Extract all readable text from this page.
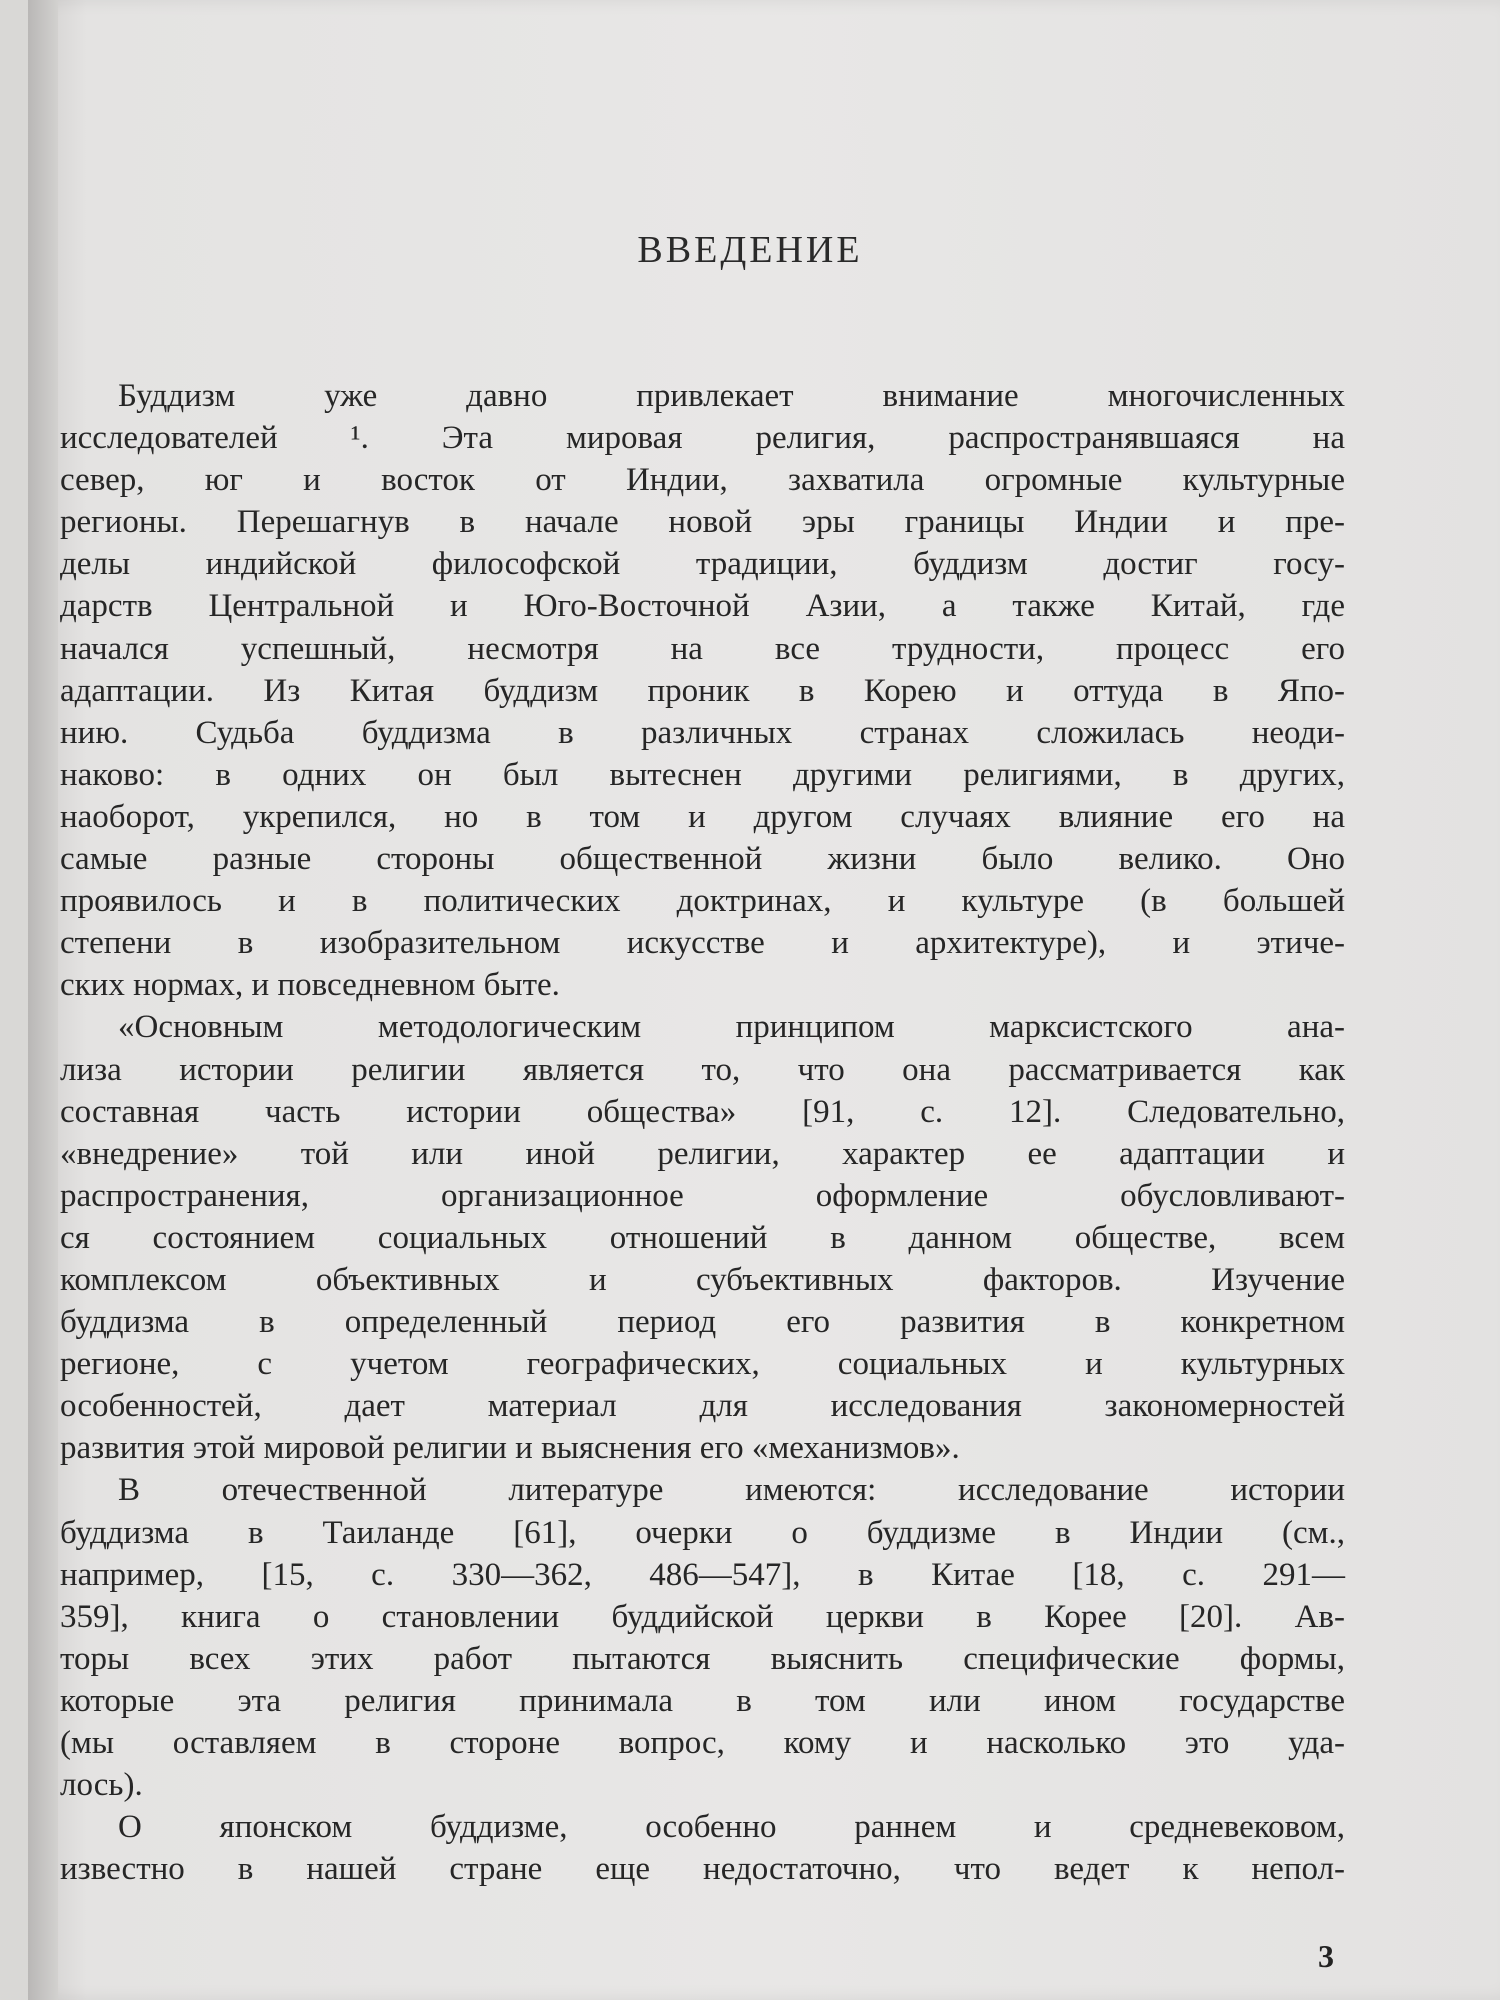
ВВЕДЕНИЕ
Буддизм уже давно привлекает внимание многочисленных
исследователей ¹. Эта мировая религия, распространявшаяся на
север, юг и восток от Индии, захватила огромные культурные
регионы. Перешагнув в начале новой эры границы Индии и пре-
делы индийской философской традиции, буддизм достиг госу-
дарств Центральной и Юго-Восточной Азии, а также Китай, где
начался успешный, несмотря на все трудности, процесс его
адаптации. Из Китая буддизм проник в Корею и оттуда в Япо-
нию. Судьба буддизма в различных странах сложилась неоди-
наково: в одних он был вытеснен другими религиями, в других,
наоборот, укрепился, но в том и другом случаях влияние его на
самые разные стороны общественной жизни было велико. Оно
проявилось и в политических доктринах, и культуре (в большей
степени в изобразительном искусстве и архитектуре), и этиче-
ских нормах, и повседневном быте.
«Основным методологическим принципом марксистского ана-
лиза истории религии является то, что она рассматривается как
составная часть истории общества» [91, с. 12]. Следовательно,
«внедрение» той или иной религии, характер ее адаптации и
распространения, организационное оформление обусловливают-
ся состоянием социальных отношений в данном обществе, всем
комплексом объективных и субъективных факторов. Изучение
буддизма в определенный период его развития в конкретном
регионе, с учетом географических, социальных и культурных
особенностей, дает материал для исследования закономерностей
развития этой мировой религии и выяснения его «механизмов».
В отечественной литературе имеются: исследование истории
буддизма в Таиланде [61], очерки о буддизме в Индии (см.,
например, [15, с. 330—362, 486—547], в Китае [18, с. 291—
359], книга о становлении буддийской церкви в Корее [20]. Ав-
торы всех этих работ пытаются выяснить специфические формы,
которые эта религия принимала в том или ином государстве
(мы оставляем в стороне вопрос, кому и насколько это уда-
лось).
О японском буддизме, особенно раннем и средневековом,
известно в нашей стране еще недостаточно, что ведет к непол-
3
